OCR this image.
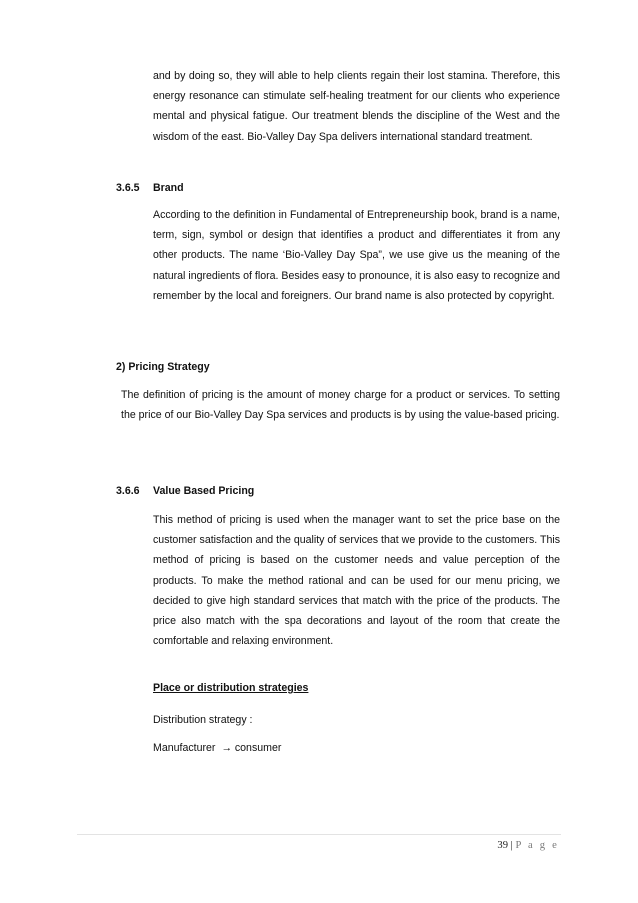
and by doing so, they will able to help clients regain their lost stamina. Therefore, this energy resonance can stimulate self-healing treatment for our clients who experience mental and physical fatigue. Our treatment blends the discipline of the West and the wisdom of the east. Bio-Valley Day Spa delivers international standard treatment.

3.6.5 Brand

According to the definition in Fundamental of Entrepreneurship book, brand is a name, term, sign, symbol or design that identifies a product and differentiates it from any other products. The name ‘Bio-Valley Day Spa”, we use give us the meaning of the natural ingredients of flora. Besides easy to pronounce, it is also easy to recognize and remember by the local and foreigners. Our brand name is also protected by copyright.

2) Pricing Strategy

The definition of pricing is the amount of money charge for a product or services. To setting the price of our Bio-Valley Day Spa services and products is by using the value-based pricing.

3.6.6 Value Based Pricing

This method of pricing is used when the manager want to set the price base on the customer satisfaction and the quality of services that we provide to the customers. This method of pricing is based on the customer needs and value perception of the products. To make the method rational and can be used for our menu pricing, we decided to give high standard services that match with the price of the products. The price also match with the spa decorations and layout of the room that create the comfortable and relaxing environment.

Place or distribution strategies
Distribution strategy :
Manufacturer → consumer
39 | P a g e
